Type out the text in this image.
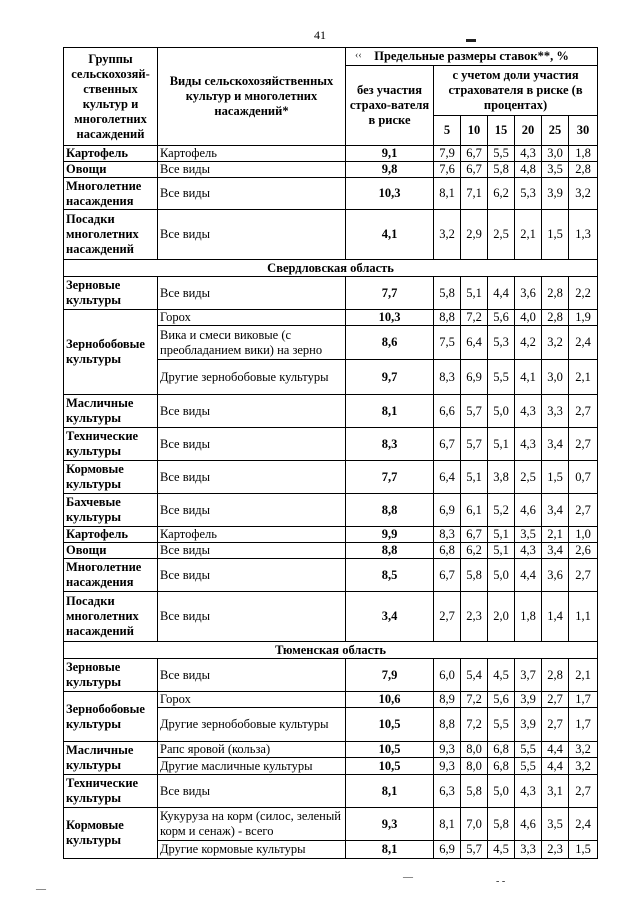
41
Группы сельскохозяй-ственных культур и многолетних насаждений	Виды сельскохозяйственных культур и многолетних насаждений*	Предельные размеры ставок**, %						
		без участия страхо-вателя в риске	с учетом доли участия страхователя в риске (в процентах)					
			5	10	15	20	25	30
Картофель	Картофель	9,1	7,9	6,7	5,5	4,3	3,0	1,8
Овощи	Все виды	9,8	7,6	6,7	5,8	4,8	3,5	2,8
Многолетние насаждения	Все виды	10,3	8,1	7,1	6,2	5,3	3,9	3,2
Посадки многолетних насаждений	Все виды	4,1	3,2	2,9	2,5	2,1	1,5	1,3
Свердловская область								
Зерновые культуры	Все виды	7,7	5,8	5,1	4,4	3,6	2,8	2,2
Зернобобовые культуры	Горох	10,3	8,8	7,2	5,6	4,0	2,8	1,9
	Вика и смеси виковые (с преобладанием вики) на зерно	8,6	7,5	6,4	5,3	4,2	3,2	2,4
	Другие зернобобовые культуры	9,7	8,3	6,9	5,5	4,1	3,0	2,1
Масличные культуры	Все виды	8,1	6,6	5,7	5,0	4,3	3,3	2,7
Технические культуры	Все виды	8,3	6,7	5,7	5,1	4,3	3,4	2,7
Кормовые культуры	Все виды	7,7	6,4	5,1	3,8	2,5	1,5	0,7
Бахчевые культуры	Все виды	8,8	6,9	6,1	5,2	4,6	3,4	2,7
Картофель	Картофель	9,9	8,3	6,7	5,1	3,5	2,1	1,0
Овощи	Все виды	8,8	6,8	6,2	5,1	4,3	3,4	2,6
Многолетние насаждения	Все виды	8,5	6,7	5,8	5,0	4,4	3,6	2,7
Посадки многолетних насаждений	Все виды	3,4	2,7	2,3	2,0	1,8	1,4	1,1
Тюменская область								
Зерновые культуры	Все виды	7,9	6,0	5,4	4,5	3,7	2,8	2,1
Зернобобовые культуры	Горох	10,6	8,9	7,2	5,6	3,9	2,7	1,7
	Другие зернобобовые культуры	10,5	8,8	7,2	5,5	3,9	2,7	1,7
Масличные культуры	Рапс яровой (кольза)	10,5	9,3	8,0	6,8	5,5	4,4	3,2
	Другие масличные культуры	10,5	9,3	8,0	6,8	5,5	4,4	3,2
Технические культуры	Все виды	8,1	6,3	5,8	5,0	4,3	3,1	2,7
Кормовые культуры	Кукуруза на корм (силос, зеленый корм и сенаж) - всего	9,3	8,1	7,0	5,8	4,6	3,5	2,4
	Другие кормовые культуры	8,1	6,9	5,7	4,5	3,3	2,3	1,5
▬
‹‹
—
—	- -
